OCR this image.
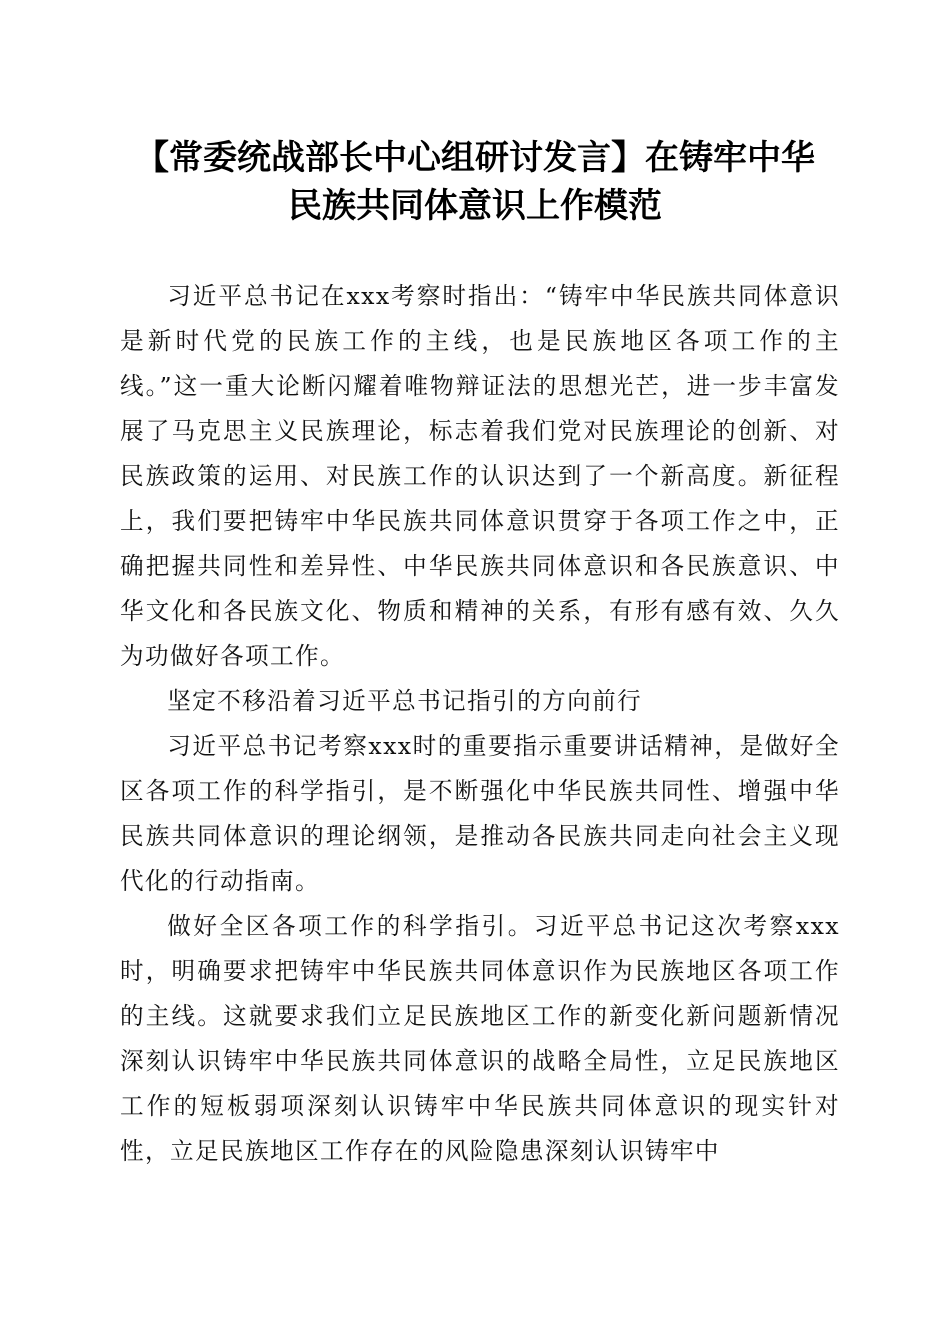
【常委统战部长中心组研讨发言】在铸牢中华
民族共同体意识上作模范

习近平总书记在xxx考察时指出：“铸牢中华民族共同体意识是新时代党的民族工作的主线，也是民族地区各项工作的主线。”这一重大论断闪耀着唯物辩证法的思想光芒，进一步丰富发展了马克思主义民族理论，标志着我们党对民族理论的创新、对民族政策的运用、对民族工作的认识达到了一个新高度。新征程上，我们要把铸牢中华民族共同体意识贯穿于各项工作之中，正确把握共同性和差异性、中华民族共同体意识和各民族意识、中华文化和各民族文化、物质和精神的关系，有形有感有效、久久为功做好各项工作。

坚定不移沿着习近平总书记指引的方向前行

习近平总书记考察xxx时的重要指示重要讲话精神，是做好全区各项工作的科学指引，是不断强化中华民族共同性、增强中华民族共同体意识的理论纲领，是推动各民族共同走向社会主义现代化的行动指南。

做好全区各项工作的科学指引。习近平总书记这次考察xxx时，明确要求把铸牢中华民族共同体意识作为民族地区各项工作的主线。这就要求我们立足民族地区工作的新变化新问题新情况深刻认识铸牢中华民族共同体意识的战略全局性，立足民族地区工作的短板弱项深刻认识铸牢中华民族共同体意识的现实针对性，立足民族地区工作存在的风险隐患深刻认识铸牢中
